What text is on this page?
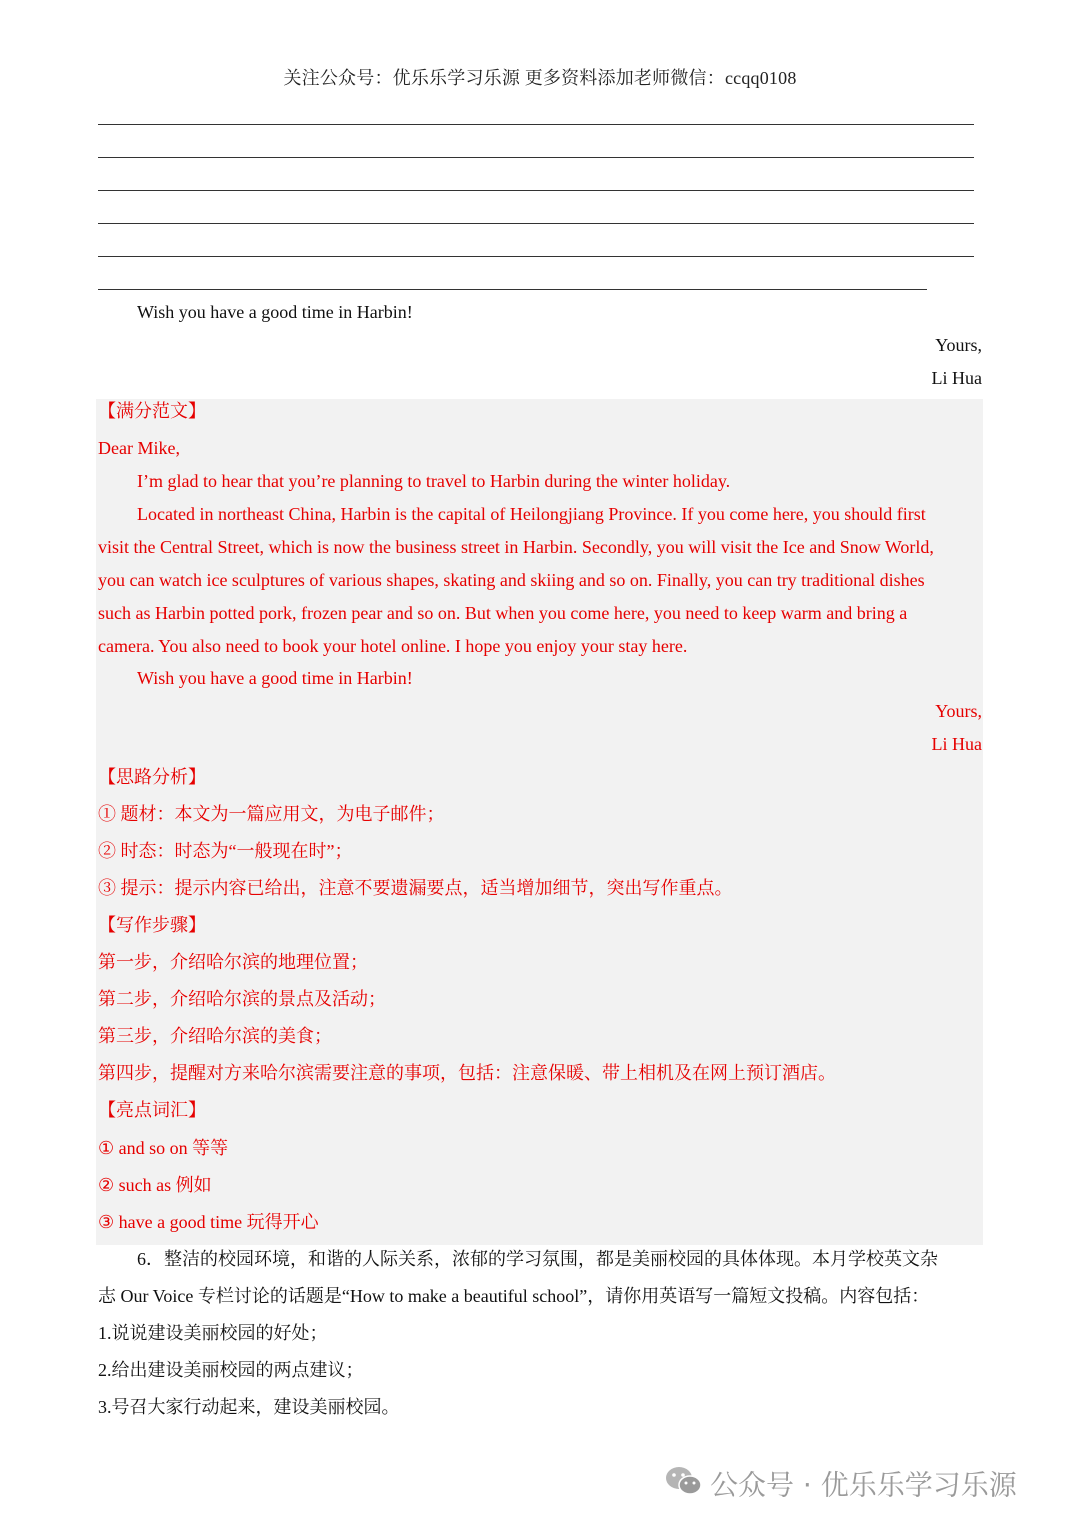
关注公众号：优乐乐学习乐源 更多资料添加老师微信：ccqq0108
Wish you have a good time in Harbin!
Yours,
Li Hua
【满分范文】
Dear Mike,
I’m glad to hear that you’re planning to travel to Harbin during the winter holiday.
Located in northeast China, Harbin is the capital of Heilongjiang Province. If you come here, you should first
visit the Central Street, which is now the business street in Harbin. Secondly, you will visit the Ice and Snow World,
you can watch ice sculptures of various shapes, skating and skiing and so on. Finally, you can try traditional dishes
such as Harbin potted pork, frozen pear and so on. But when you come here, you need to keep warm and bring a
camera. You also need to book your hotel online. I hope you enjoy your stay here.
Wish you have a good time in Harbin!
Yours,
Li Hua
【思路分析】
① 题材：本文为一篇应用文，为电子邮件；
② 时态：时态为“一般现在时”；
③ 提示：提示内容已给出，注意不要遗漏要点，适当增加细节，突出写作重点。
【写作步骤】
第一步，介绍哈尔滨的地理位置；
第二步，介绍哈尔滨的景点及活动；
第三步，介绍哈尔滨的美食；
第四步，提醒对方来哈尔滨需要注意的事项，包括：注意保暖、带上相机及在网上预订酒店。
【亮点词汇】
① and so on 等等
② such as 例如
③ have a good time 玩得开心
6．整洁的校园环境，和谐的人际关系，浓郁的学习氛围，都是美丽校园的具体体现。本月学校英文杂
志 Our Voice 专栏讨论的话题是“How to make a beautiful school”，请你用英语写一篇短文投稿。内容包括：
1.说说建设美丽校园的好处；
2.给出建设美丽校园的两点建议；
3.号召大家行动起来，建设美丽校园。
公众号 · 优乐乐学习乐源
